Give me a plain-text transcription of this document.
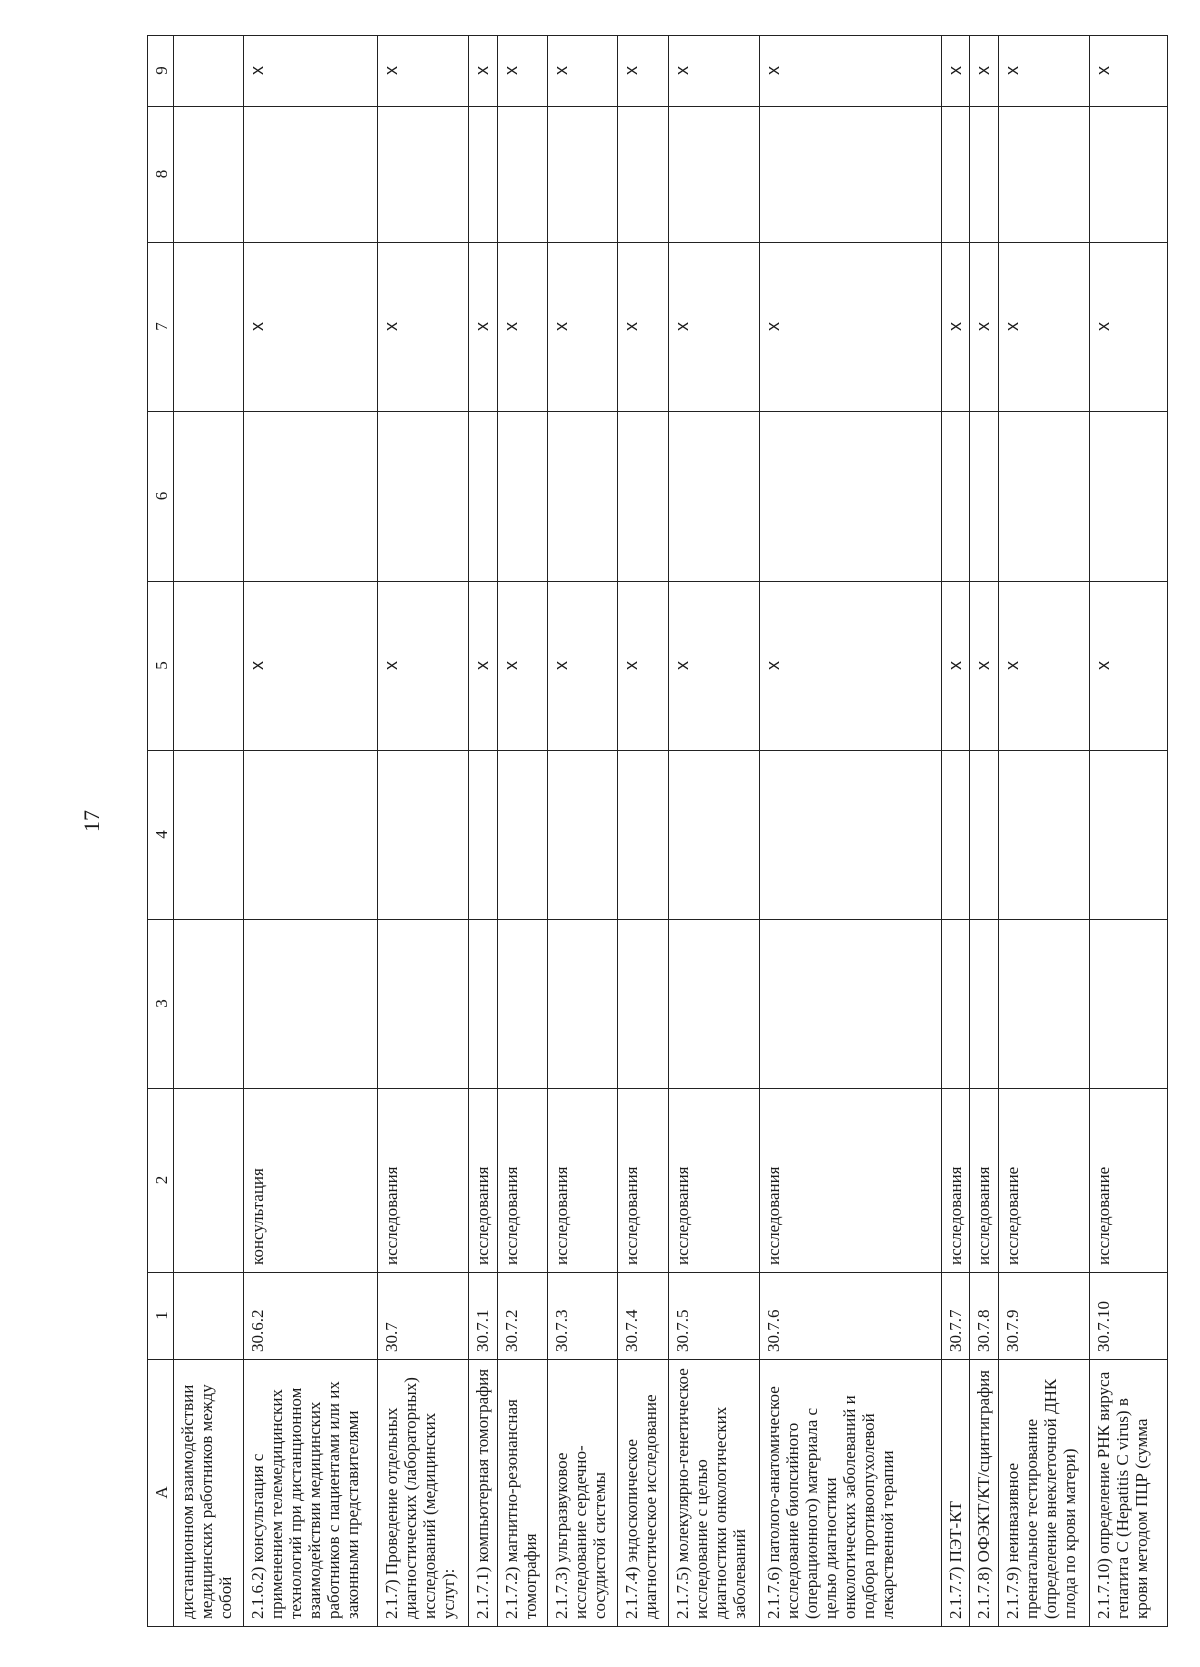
17
А	1	2	3	4	5	6	7	8	9
дистанционном взаимодействии медицинских работников между собой									
2.1.6.2) консультация с применением телемедицинских технологий при дистанционном взаимодействии медицинских работников с пациентами или их законными представителями	30.6.2	консультация			х		х		х
2.1.7) Проведение отдельных диагностических (лабораторных) исследований (медицинских услуг):	30.7	исследования			х		х		х
2.1.7.1) компьютерная томография	30.7.1	исследования			х		х		х
2.1.7.2) магнитно-резонансная томография	30.7.2	исследования			х		х		х
2.1.7.3) ультразвуковое исследование сердечно-сосудистой системы	30.7.3	исследования			х		х		х
2.1.7.4) эндоскопическое диагностическое исследование	30.7.4	исследования			х		х		х
2.1.7.5) молекулярно-генетическое исследование с целью диагностики онкологических заболеваний	30.7.5	исследования			х		х		х
2.1.7.6) патолого-анатомическое исследование биопсийного (операционного) материала с целью диагностики онкологических заболеваний и подбора противоопухолевой лекарственной терапии	30.7.6	исследования			х		х		х
2.1.7.7) ПЭТ-КТ	30.7.7	исследования			х		х		х
2.1.7.8) ОФЭКТ/КТ/сцинтиграфия	30.7.8	исследования			х		х		х
2.1.7.9) неинвазивное пренатальное тестирование (определение внеклеточной ДНК плода по крови матери)	30.7.9	исследование			х		х		х
2.1.7.10) определение РНК вируса гепатита С (Hepatitis C virus) в крови методом ПЦР (сумма	30.7.10	исследование			х		х		х
